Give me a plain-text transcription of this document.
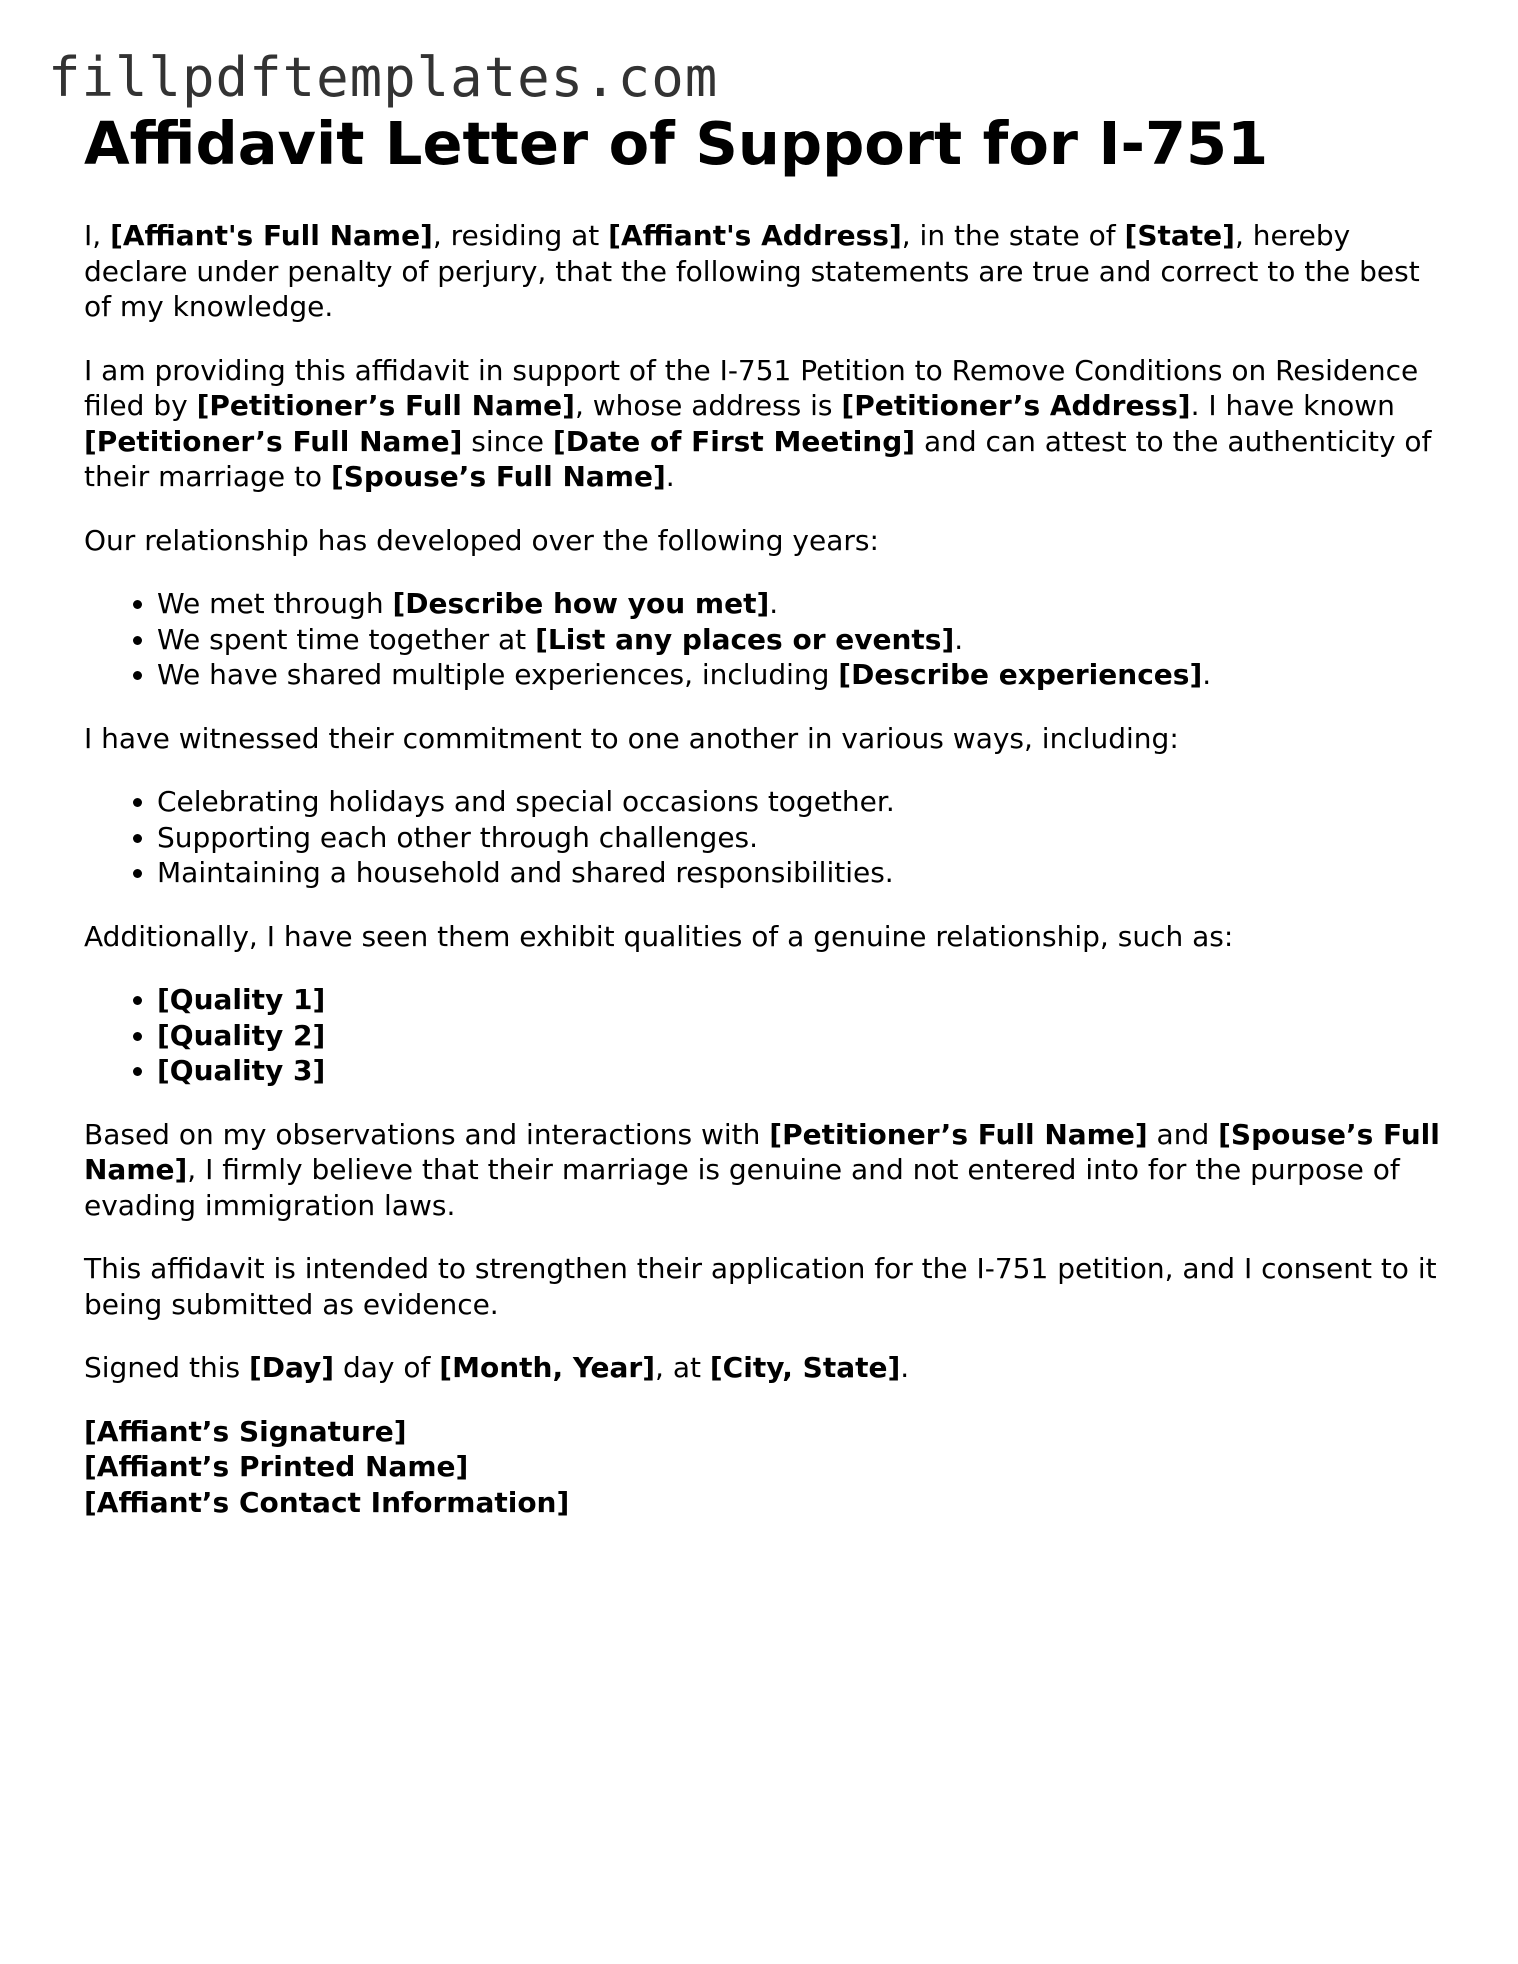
fillpdftemplates.com
Affidavit Letter of Support for I-751

I, [Affiant's Full Name], residing at [Affiant's Address], in the state of [State], hereby declare under penalty of perjury, that the following statements are true and correct to the best of my knowledge.

I am providing this affidavit in support of the I-751 Petition to Remove Conditions on Residence filed by [Petitioner’s Full Name], whose address is [Petitioner’s Address]. I have known [Petitioner’s Full Name] since [Date of First Meeting] and can attest to the authenticity of their marriage to [Spouse’s Full Name].

Our relationship has developed over the following years:

• We met through [Describe how you met].
• We spent time together at [List any places or events].
• We have shared multiple experiences, including [Describe experiences].

I have witnessed their commitment to one another in various ways, including:

• Celebrating holidays and special occasions together.
• Supporting each other through challenges.
• Maintaining a household and shared responsibilities.

Additionally, I have seen them exhibit qualities of a genuine relationship, such as:

• [Quality 1]
• [Quality 2]
• [Quality 3]

Based on my observations and interactions with [Petitioner’s Full Name] and [Spouse’s Full Name], I firmly believe that their marriage is genuine and not entered into for the purpose of evading immigration laws.

This affidavit is intended to strengthen their application for the I-751 petition, and I consent to it being submitted as evidence.

Signed this [Day] day of [Month, Year], at [City, State].

[Affiant’s Signature]

[Affiant’s Printed Name]

[Affiant’s Contact Information]
